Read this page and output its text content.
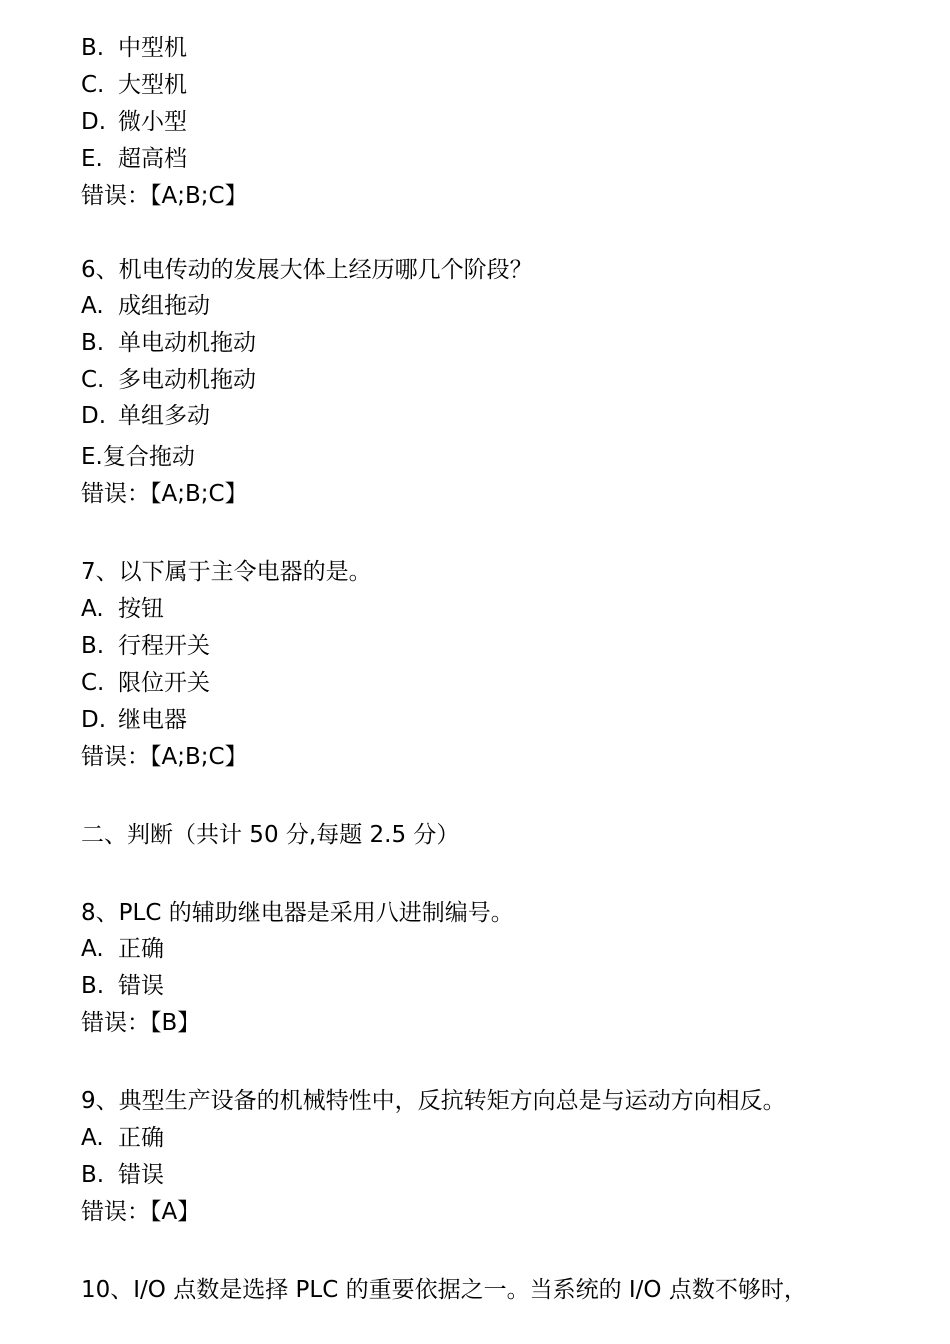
B. 中型机
C. 大型机
D. 微小型
E. 超高档
错误：【A;B;C】
6、机电传动的发展大体上经历哪几个阶段？
A. 成组拖动
B. 单电动机拖动
C. 多电动机拖动
D. 单组多动
E.复合拖动
错误：【A;B;C】
7、以下属于主令电器的是。
A. 按钮
B. 行程开关
C. 限位开关
D. 继电器
错误：【A;B;C】
二、判断（共计 50 分,每题 2.5 分）
8、PLC 的辅助继电器是采用八进制编号。
A. 正确
B. 错误
错误：【B】
9、典型生产设备的机械特性中，反抗转矩方向总是与运动方向相反。
A. 正确
B. 错误
错误：【A】
10、I/O 点数是选择 PLC 的重要依据之一。当系统的 I/O 点数不够时，
